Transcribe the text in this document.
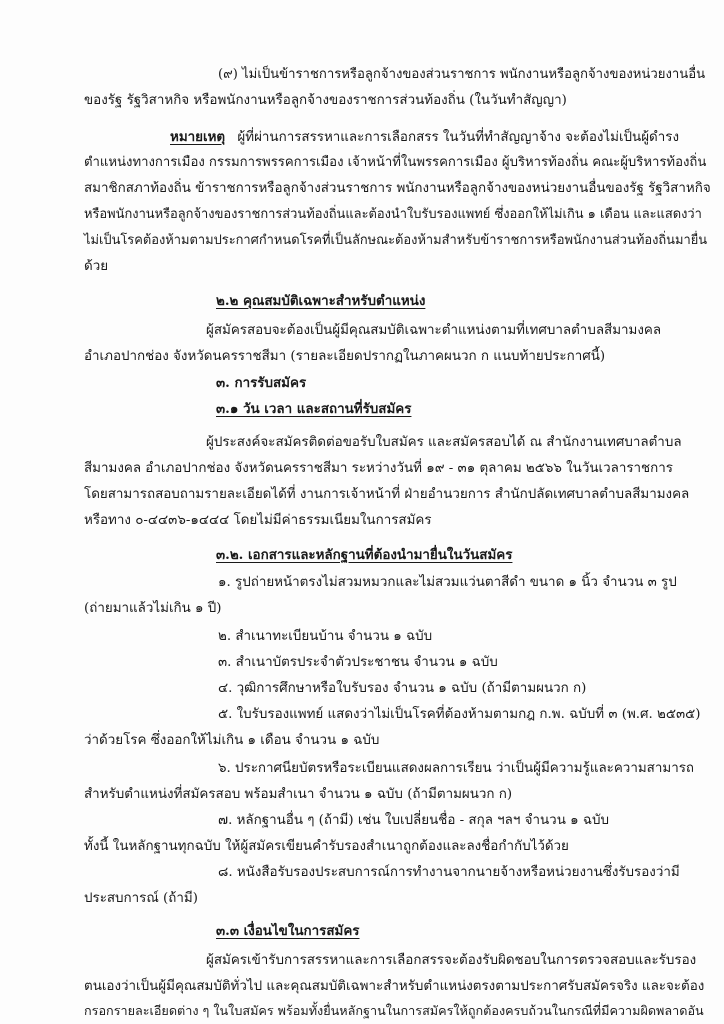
(๙) ไม่เป็นข้าราชการหรือลูกจ้างของส่วนราชการ พนักงานหรือลูกจ้างของหน่วยงานอื่น
ของรัฐ รัฐวิสาหกิจ หรือพนักงานหรือลูกจ้างของราชการส่วนท้องถิ่น (ในวันทำสัญญา)
หมายเหตุ ผู้ที่ผ่านการสรรหาและการเลือกสรร ในวันที่ทำสัญญาจ้าง จะต้องไม่เป็นผู้ดำรง
ตำแหน่งทางการเมือง กรรมการพรรคการเมือง เจ้าหน้าที่ในพรรคการเมือง ผู้บริหารท้องถิ่น คณะผู้บริหารท้องถิ่น
สมาชิกสภาท้องถิ่น ข้าราชการหรือลูกจ้างส่วนราชการ พนักงานหรือลูกจ้างของหน่วยงานอื่นของรัฐ รัฐวิสาหกิจ
หรือพนักงานหรือลูกจ้างของราชการส่วนท้องถิ่นและต้องนำใบรับรองแพทย์ ซึ่งออกให้ไม่เกิน ๑ เดือน และแสดงว่า
ไม่เป็นโรคต้องห้ามตามประกาศกำหนดโรคที่เป็นลักษณะต้องห้ามสำหรับข้าราชการหรือพนักงานส่วนท้องถิ่นมายื่น
ด้วย
๒.๒ คุณสมบัติเฉพาะสำหรับตำแหน่ง
ผู้สมัครสอบจะต้องเป็นผู้มีคุณสมบัติเฉพาะตำแหน่งตามที่เทศบาลตำบลสีมามงคล
อำเภอปากช่อง จังหวัดนครราชสีมา (รายละเอียดปรากฏในภาคผนวก ก แนบท้ายประกาศนี้)
๓. การรับสมัคร
๓.๑ วัน เวลา และสถานที่รับสมัคร
ผู้ประสงค์จะสมัครติดต่อขอรับใบสมัคร และสมัครสอบได้ ณ สำนักงานเทศบาลตำบล
สีมามงคล อำเภอปากช่อง จังหวัดนครราชสีมา ระหว่างวันที่ ๑๙ - ๓๑ ตุลาคม ๒๕๖๖ ในวันเวลาราชการ
โดยสามารถสอบถามรายละเอียดได้ที่ งานการเจ้าหน้าที่ ฝ่ายอำนวยการ สำนักปลัดเทศบาลตำบลสีมามงคล
หรือทาง ๐-๔๔๓๖-๑๔๔๔ โดยไม่มีค่าธรรมเนียมในการสมัคร
๓.๒. เอกสารและหลักฐานที่ต้องนำมายื่นในวันสมัคร
๑. รูปถ่ายหน้าตรงไม่สวมหมวกและไม่สวมแว่นตาสีดำ ขนาด ๑ นิ้ว จำนวน ๓ รูป
(ถ่ายมาแล้วไม่เกิน ๑ ปี)
๒. สำเนาทะเบียนบ้าน จำนวน ๑ ฉบับ
๓. สำเนาบัตรประจำตัวประชาชน จำนวน ๑ ฉบับ
๔. วุฒิการศึกษาหรือใบรับรอง จำนวน ๑ ฉบับ (ถ้ามีตามผนวก ก)
๕. ใบรับรองแพทย์ แสดงว่าไม่เป็นโรคที่ต้องห้ามตามกฎ ก.พ. ฉบับที่ ๓ (พ.ศ. ๒๕๓๕)
ว่าด้วยโรค ซึ่งออกให้ไม่เกิน ๑ เดือน จำนวน ๑ ฉบับ
๖. ประกาศนียบัตรหรือระเบียนแสดงผลการเรียน ว่าเป็นผู้มีความรู้และความสามารถ
สำหรับตำแหน่งที่สมัครสอบ พร้อมสำเนา จำนวน ๑ ฉบับ (ถ้ามีตามผนวก ก)
๗. หลักฐานอื่น ๆ (ถ้ามี) เช่น ใบเปลี่ยนชื่อ - สกุล ฯลฯ จำนวน ๑ ฉบับ
ทั้งนี้ ในหลักฐานทุกฉบับ ให้ผู้สมัครเขียนคำรับรองสำเนาถูกต้องและลงชื่อกำกับไว้ด้วย
๘. หนังสือรับรองประสบการณ์การทำงานจากนายจ้างหรือหน่วยงานซึ่งรับรองว่ามี
ประสบการณ์ (ถ้ามี)
๓.๓ เงื่อนไขในการสมัคร
ผู้สมัครเข้ารับการสรรหาและการเลือกสรรจะต้องรับผิดชอบในการตรวจสอบและรับรอง
ตนเองว่าเป็นผู้มีคุณสมบัติทั่วไป และคุณสมบัติเฉพาะสำหรับตำแหน่งตรงตามประกาศรับสมัครจริง และจะต้อง
กรอกรายละเอียดต่าง ๆ ในใบสมัคร พร้อมทั้งยื่นหลักฐานในการสมัครให้ถูกต้องครบถ้วนในกรณีที่มีความผิดพลาดอัน
